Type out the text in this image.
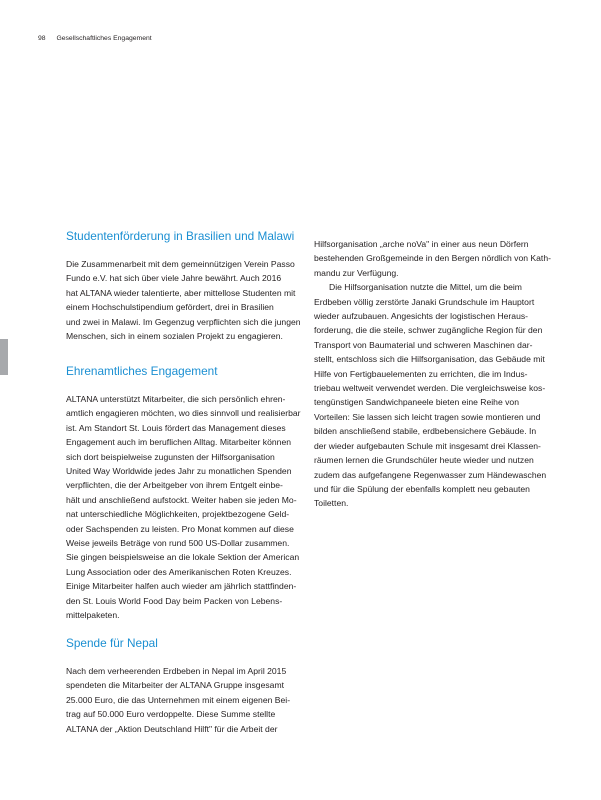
98 Gesellschaftliches Engagement
Studentenförderung in Brasilien und Malawi

Die Zusammenarbeit mit dem gemeinnützigen Verein Passo

Fundo e.V. hat sich über viele Jahre bewährt. Auch 2016

hat ALTANA wieder talentierte, aber mittellose Studenten mit

einem Hochschulstipendium gefördert, drei in Brasilien

und zwei in Malawi. Im Gegenzug verpflichten sich die jungen

Menschen, sich in einem sozialen Projekt zu engagieren.

Ehrenamtliches Engagement

ALTANA unterstützt Mitarbeiter, die sich persönlich ehren-

amtlich engagieren möchten, wo dies sinnvoll und realisierbar

ist. Am Standort St. Louis fördert das Management dieses

Engagement auch im beruflichen Alltag. Mitarbeiter können

sich dort beispielweise zugunsten der Hilfsorganisation

United Way Worldwide jedes Jahr zu monatlichen Spenden

verpflichten, die der Arbeitgeber von ihrem Entgelt einbe-

hält und anschließend aufstockt. Weiter haben sie jeden Mo-

nat unterschiedliche Möglichkeiten, projektbezogene Geld-

oder Sachspenden zu leisten. Pro Monat kommen auf diese

Weise jeweils Beträge von rund 500 US-Dollar zusammen.

Sie gingen beispielsweise an die lokale Sektion der American

Lung Association oder des Amerikanischen Roten Kreuzes.

Einige Mitarbeiter halfen auch wieder am jährlich stattfinden-

den St. Louis World Food Day beim Packen von Lebens-

mittelpaketen.

Spende für Nepal

Nach dem verheerenden Erdbeben in Nepal im April 2015

spendeten die Mitarbeiter der ALTANA Gruppe insgesamt

25.000 Euro, die das Unternehmen mit einem eigenen Bei-

trag auf 50.000 Euro verdoppelte. Diese Summe stellte

ALTANA der „Aktion Deutschland Hilft" für die Arbeit der

Hilfsorganisation „arche noVa" in einer aus neun Dörfern

bestehenden Großgemeinde in den Bergen nördlich von Kath-

mandu zur Verfügung.

Die Hilfsorganisation nutzte die Mittel, um die beim

Erdbeben völlig zerstörte Janaki Grundschule im Hauptort

wieder aufzubauen. Angesichts der logistischen Heraus-

forderung, die die steile, schwer zugängliche Region für den

Transport von Baumaterial und schweren Maschinen dar-

stellt, entschloss sich die Hilfsorganisation, das Gebäude mit

Hilfe von Fertigbauelementen zu errichten, die im Indus-

triebau weltweit verwendet werden. Die vergleichsweise kos-

tengünstigen Sandwichpaneele bieten eine Reihe von

Vorteilen: Sie lassen sich leicht tragen sowie montieren und

bilden anschließend stabile, erdbebensichere Gebäude. In

der wieder aufgebauten Schule mit insgesamt drei Klassen-

räumen lernen die Grundschüler heute wieder und nutzen

zudem das aufgefangene Regenwasser zum Händewaschen

und für die Spülung der ebenfalls komplett neu gebauten

Toiletten.
